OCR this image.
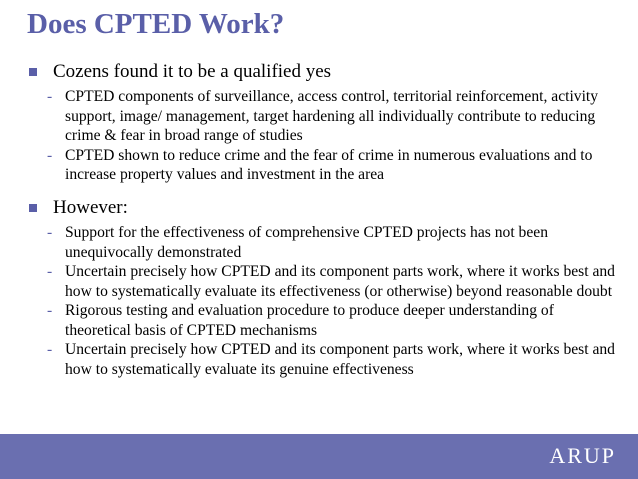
Does CPTED Work?
Cozens found it to be a qualified yes
- CPTED components of surveillance, access control, territorial reinforcement, activity support, image/ management, target hardening all individually contribute to reducing crime & fear in broad range of studies
- CPTED shown to reduce crime and the fear of crime in numerous evaluations and to increase property values and investment in the area
However:
- Support for the effectiveness of comprehensive CPTED projects has not been unequivocally demonstrated
- Uncertain precisely how CPTED and its component parts work, where it works best and how to systematically evaluate its effectiveness (or otherwise) beyond reasonable doubt
- Rigorous testing and evaluation procedure to produce deeper understanding of theoretical basis of CPTED mechanisms
- Uncertain precisely how CPTED and its component parts work, where it works best and how to systematically evaluate its genuine effectiveness
ARUP
